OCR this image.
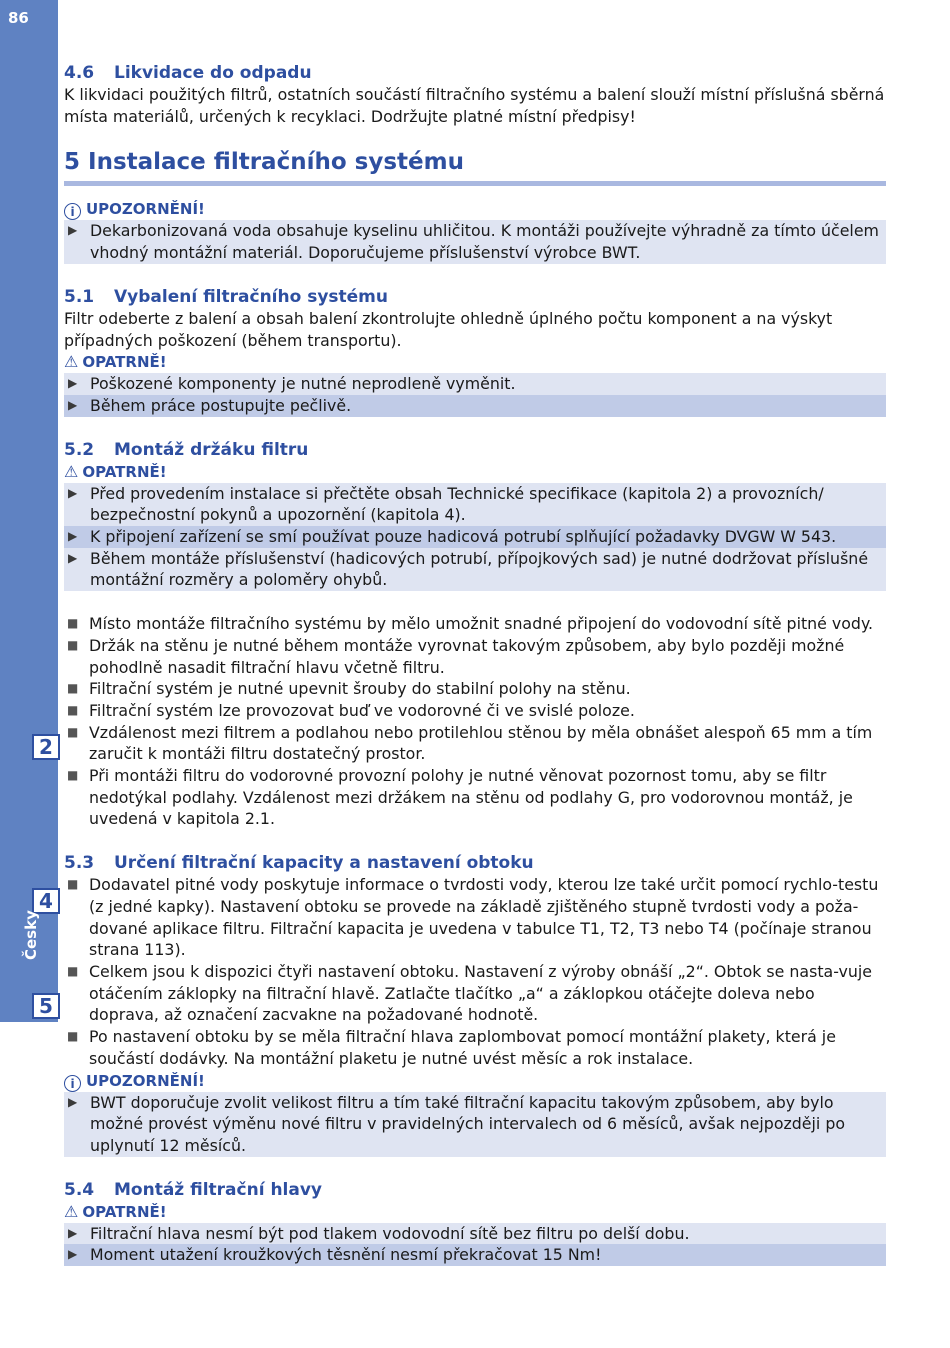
86
2
4
5
Česky
4.6 Likvidace do odpadu

K likvidaci použitých filtrů, ostatních součástí filtračního systému a balení slouží místní příslušná sběrná místa materiálů, určených k recyklaci. Dodržujte platné místní předpisy!

5 Instalace filtračního systému
i UPOZORNĚNÍ!
▶ Dekarbonizovaná voda obsahuje kyselinu uhličitou. K montáži používejte výhradně za tímto účelem vhodný montážní materiál. Doporučujeme příslušenství výrobce BWT.
5.1 Vybalení filtračního systému

Filtr odeberte z balení a obsah balení zkontrolujte ohledně úplného počtu komponent a na výskyt případných poškození (během transportu).

⚠ OPATRNĚ!
▶ Poškozené komponenty je nutné neprodleně vyměnit.
▶ Během práce postupujte pečlivě.
5.2 Montáž držáku filtru
⚠ OPATRNĚ!
▶ Před provedením instalace si přečtěte obsah Technické specifikace (kapitola 2) a provozních/ bezpečnostní pokynů a upozornění (kapitola 4).
▶ K připojení zařízení se smí používat pouze hadicová potrubí splňující požadavky DVGW W 543.
▶ Během montáže příslušenství (hadicových potrubí, přípojkových sad) je nutné dodržovat příslušné montážní rozměry a poloměry ohybů.
■ Místo montáže filtračního systému by mělo umožnit snadné připojení do vodovodní sítě pitné vody.
■ Držák na stěnu je nutné během montáže vyrovnat takovým způsobem, aby bylo později možné pohodlně nasadit filtrační hlavu včetně filtru.
■ Filtrační systém je nutné upevnit šrouby do stabilní polohy na stěnu.
■ Filtrační systém lze provozovat buď ve vodorovné či ve svislé poloze.
■ Vzdálenost mezi filtrem a podlahou nebo protilehlou stěnou by měla obnášet alespoň 65 mm a tím zaručit k montáži filtru dostatečný prostor.
■ Při montáži filtru do vodorovné provozní polohy je nutné věnovat pozornost tomu, aby se filtr nedotýkal podlahy. Vzdálenost mezi držákem na stěnu od podlahy G, pro vodorovnou montáž, je uvedená v kapitola 2.1.
5.3 Určení filtrační kapacity a nastavení obtoku
■ Dodavatel pitné vody poskytuje informace o tvrdosti vody, kterou lze také určit pomocí rychlo-testu (z jedné kapky). Nastavení obtoku se provede na základě zjištěného stupně tvrdosti vody a poža-dované aplikace filtru. Filtrační kapacita je uvedena v tabulce T1, T2, T3 nebo T4 (počínaje stranou strana 113).
■ Celkem jsou k dispozici čtyři nastavení obtoku. Nastavení z výroby obnáší „2“. Obtok se nasta-vuje otáčením záklopky na filtrační hlavě. Zatlačte tlačítko „a“ a záklopkou otáčejte doleva nebo doprava, až označení zacvakne na požadované hodnotě.
■ Po nastavení obtoku by se měla filtrační hlava zaplombovat pomocí montážní plakety, která je součástí dodávky. Na montážní plaketu je nutné uvést měsíc a rok instalace.
i UPOZORNĚNÍ!
▶ BWT doporučuje zvolit velikost filtru a tím také filtrační kapacitu takovým způsobem, aby bylo možné provést výměnu nové filtru v pravidelných intervalech od 6 měsíců, avšak nejpozději po uplynutí 12 měsíců.
5.4 Montáž filtrační hlavy
⚠ OPATRNĚ!
▶ Filtrační hlava nesmí být pod tlakem vodovodní sítě bez filtru po delší dobu.
▶ Moment utažení kroužkových těsnění nesmí překračovat 15 Nm!
